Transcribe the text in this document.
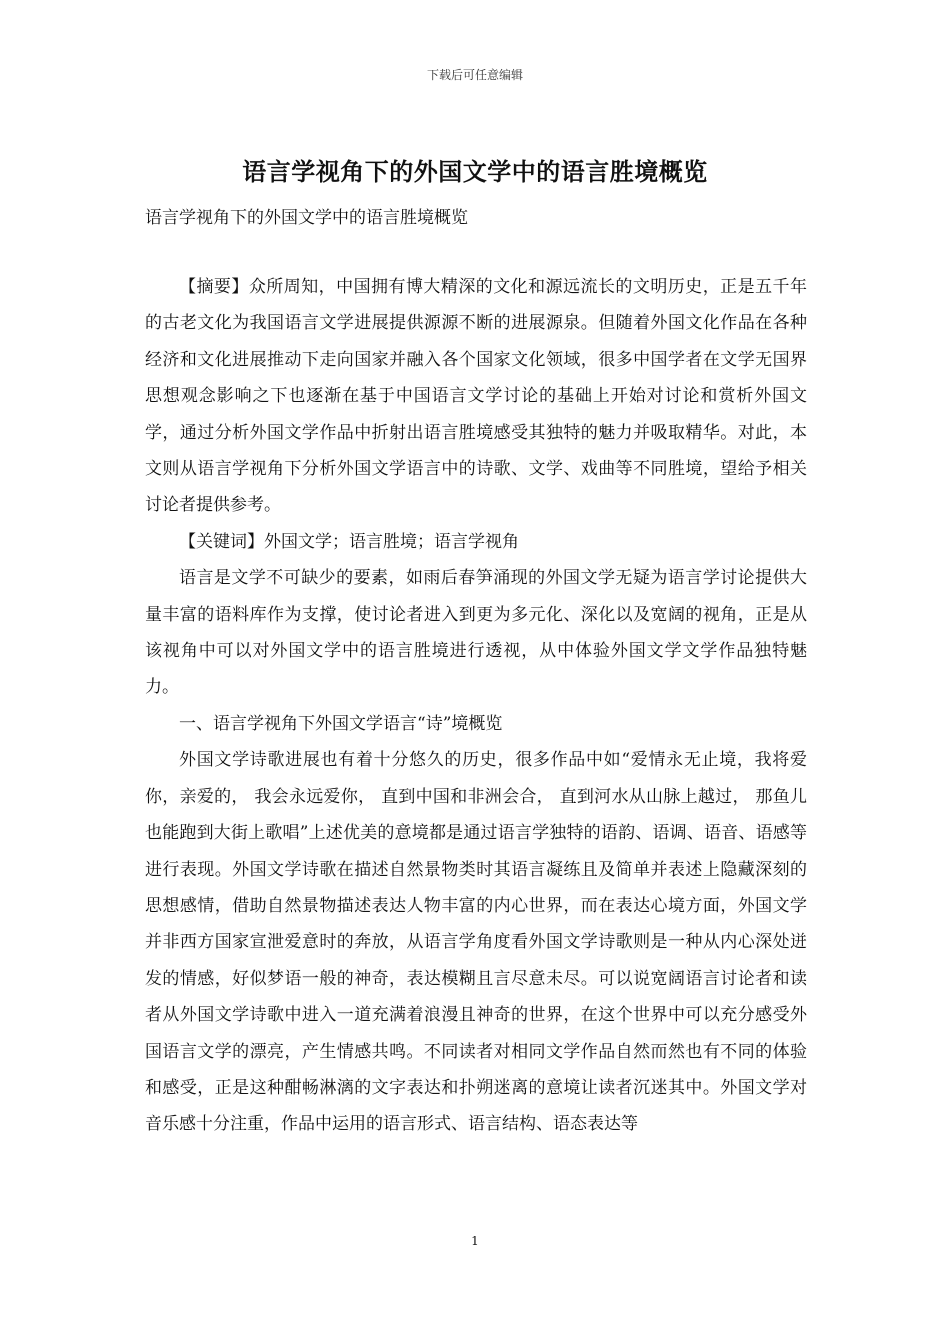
下载后可任意编辑
语言学视角下的外国文学中的语言胜境概览

语言学视角下的外国文学中的语言胜境概览

【摘要】众所周知，中国拥有博大精深的文化和源远流长的文明历史，正是五千年的古老文化为我国语言文学进展提供源源不断的进展源泉。但随着外国文化作品在各种经济和文化进展推动下走向国家并融入各个国家文化领域，很多中国学者在文学无国界思想观念影响之下也逐渐在基于中国语言文学讨论的基础上开始对讨论和赏析外国文学，通过分析外国文学作品中折射出语言胜境感受其独特的魅力并吸取精华。对此，本文则从语言学视角下分析外国文学语言中的诗歌、文学、戏曲等不同胜境，望给予相关讨论者提供参考。

【关键词】外国文学；语言胜境；语言学视角

语言是文学不可缺少的要素，如雨后春笋涌现的外国文学无疑为语言学讨论提供大量丰富的语料库作为支撑，使讨论者进入到更为多元化、深化以及宽阔的视角，正是从该视角中可以对外国文学中的语言胜境进行透视，从中体验外国文学文学作品独特魅力。

一、语言学视角下外国文学语言“诗”境概览

外国文学诗歌进展也有着十分悠久的历史，很多作品中如“爱情永无止境，我将爱你，亲爱的， 我会永远爱你， 直到中国和非洲会合， 直到河水从山脉上越过， 那鱼儿也能跑到大街上歌唱”上述优美的意境都是通过语言学独特的语韵、语调、语音、语感等进行表现。外国文学诗歌在描述自然景物类时其语言凝练且及简单并表述上隐藏深刻的思想感情，借助自然景物描述表达人物丰富的内心世界，而在表达心境方面，外国文学并非西方国家宣泄爱意时的奔放，从语言学角度看外国文学诗歌则是一种从内心深处迸发的情感，好似梦语一般的神奇，表达模糊且言尽意未尽。可以说宽阔语言讨论者和读者从外国文学诗歌中进入一道充满着浪漫且神奇的世界，在这个世界中可以充分感受外国语言文学的漂亮，产生情感共鸣。不同读者对相同文学作品自然而然也有不同的体验和感受，正是这种酣畅淋漓的文字表达和扑朔迷离的意境让读者沉迷其中。外国文学对音乐感十分注重，作品中运用的语言形式、语言结构、语态表达等

1
